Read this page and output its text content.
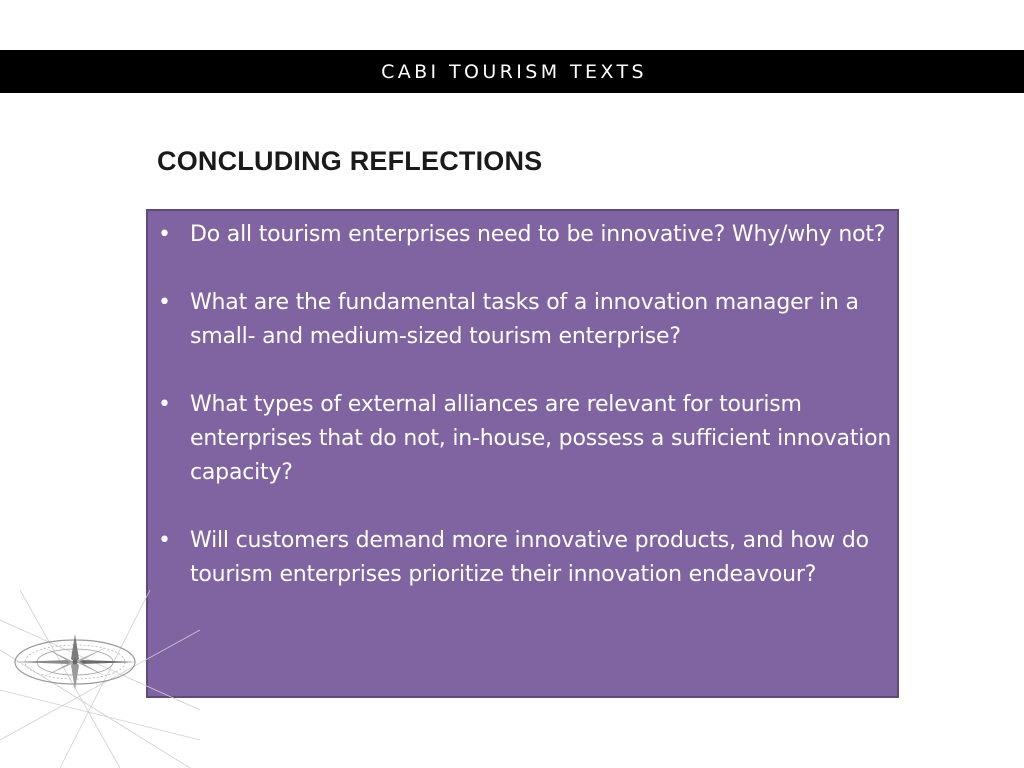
CABI TOURISM TEXTS
CONCLUDING REFLECTIONS
• Do all tourism enterprises need to be innovative? Why/why not?
• What are the fundamental tasks of a innovation manager in a small- and medium-sized tourism enterprise?
• What types of external alliances are relevant for tourism enterprises that do not, in-house, possess a sufficient innovation capacity?
• Will customers demand more innovative products, and how do tourism enterprises prioritize their innovation endeavour?
